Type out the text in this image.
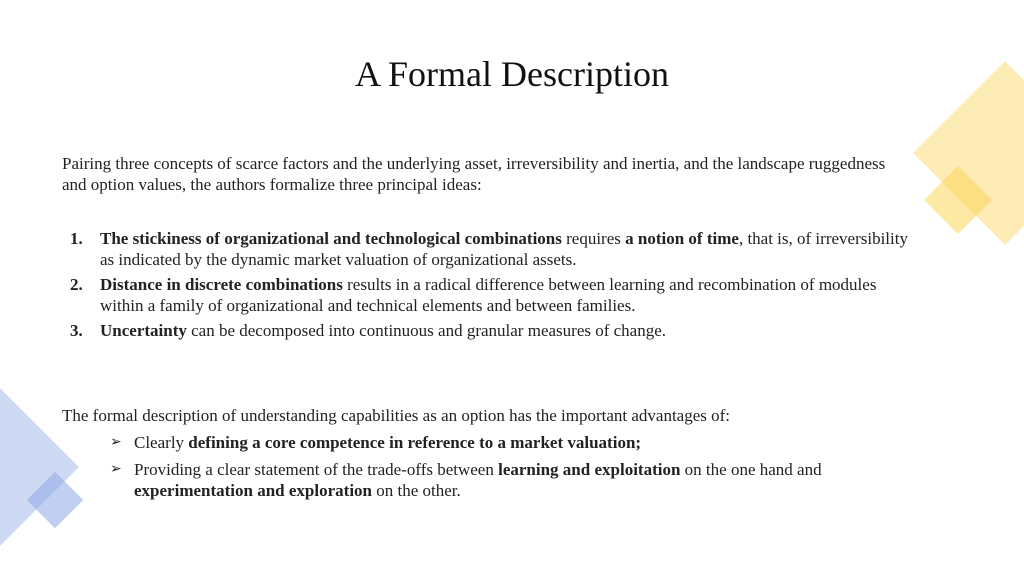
A Formal Description

Pairing three concepts of scarce factors and the underlying asset, irreversibility and inertia, and the landscape ruggedness and option values, the authors formalize three principal ideas:

1. The stickiness of organizational and technological combinations requires a notion of time, that is, of irreversibility as indicated by the dynamic market valuation of organizational assets.
2. Distance in discrete combinations results in a radical difference between learning and recombination of modules within a family of organizational and technical elements and between families.
3. Uncertainty can be decomposed into continuous and granular measures of change.

The formal description of understanding capabilities as an option has the important advantages of:

➢ Clearly defining a core competence in reference to a market valuation;
➢ Providing a clear statement of the trade-offs between learning and exploitation on the one hand and experimentation and exploration on the other.
